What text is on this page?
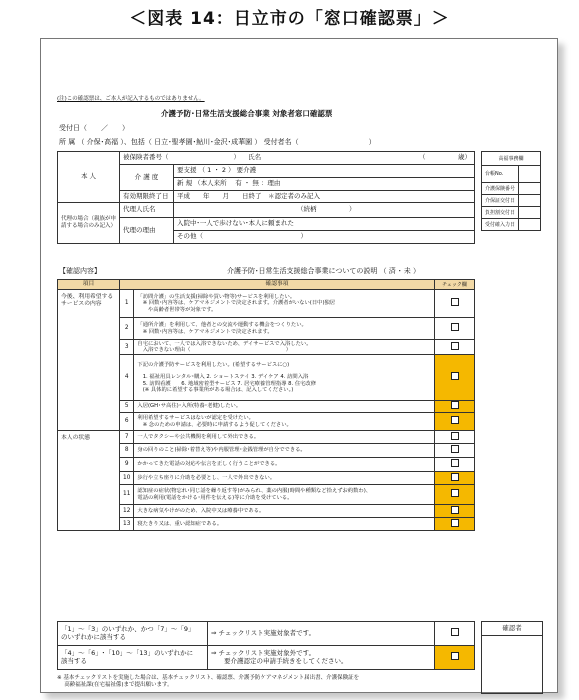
＜図表 14：日立市の「窓口確認票」＞
(注)この確認票は、ご本人が記入するものではありません。
介護予防･日常生活支援総合事業 対象者窓口確認票
受付日（　　／　　）
所 属 （ 介保･高福 ）、包括（ 日立･聖孝園･鮎川･金沢･成華園 ） 受付者名（　　　　　　　　　　）
本 人	被保険者番号（　　　　　　　　　　） 氏名 （　　　　　歳）	

	介 護 度	要支援 （ 1 ・ 2 ） 要介護
		新 規 （本人来所 　有 ・ 無 ：理由
	有効期限終了日	平成　　年　　月　　日終了　＊認定者のみ記入
代理の場合（親族が申請する場合のみ記入）	代理人氏名	（続柄　　　　　）
	代理の理由	入院中･一人で歩けない･本人に頼まれた
		その他（　　　　　　　　　　　　　　　）
高福事務欄	
台帳No.	
介護保険番号	
介保証交付日	
負担割交付日	
受付確入力日	
【確認内容】	介護予防･日常生活支援総合事業についての説明 （ 済 ･ 未 ）
項目	確認事項		チェック欄
今後、利用希望するサービスの内容	1	「訪問介護」の生活支援(掃除や買い物等)サービスを利用したい。
　※ 回数･内容等は、ケアマネジメントで決定されます。介護者がいない(日中)独居
　　や高齢者世帯等が対象です。	
	2	「通所介護」を利用して、他者との交流や運動する機会をつくりたい。
　※ 回数･内容等は、ケアマネジメントで決定されます。	
	3	自宅において、一人では入浴できないため、デイサービスで入浴したい。
　入浴できない理由（　　　　　　　　　　　　　　　　　　）	
	4	下記の介護予防サービスを利用したい。(希望するサービスに○)

　1. 福祉用具レンタル･購入 2. ショートステイ 3. デイケア 4. 訪問入浴
　5. 訪問看護　　6. 地域密着型サービス 7. 居宅療養管理指導 8. 住宅改修
　(※ 具体的に希望する事業所がある場合は、記入してください。)	
	5	入居(GH･サ高住)･入所(特養･老健)したい。	
	6	利用希望するサービスはないが認定を受けたい。
　※ 念のための申請は、必要時に申請するよう促してください。	
本人の状態	7	一人でタクシーや公共機関を利用して外出できる。	
	8	身の回りのこと(掃除･着替え等)や内服管理･金銭管理が自分でできる。	
	9	かかってきた電話の対応や伝言を正しく行うことができる。	
	10	歩行や立ち座りに介助を必要とし、一人で外出できない。	
	11	認知症の症状(物忘れ･同じ話を繰り返す等)がみられ、薬の内服(時間や種類など拾えずお約数わ)、
電話の利用(電話をかける･用件を伝える)等に介助を受けている。	
	12	大きな病気やけがのため、入院中又は療養中である。	
	13	寝たきり又は、重い認知症である。	
「1」～「3」のいずれか、かつ「7」～「9」
のいずれかに該当する	⇒ チェックリスト実施対象者です。	
「4」～「6」･「10」～「13」のいずれかに
該当する	⇒ チェックリスト実施対象外です。
　　要介護認定の申請手続きをしてください。	
確認者

※ 基本チェックリストを実施した場合は、基本チェックリスト、確認票、介護予防ケアマネジメント届出書、介護保険証を
　 高齢福祉課(在宅福祉係)まで提出願います。
